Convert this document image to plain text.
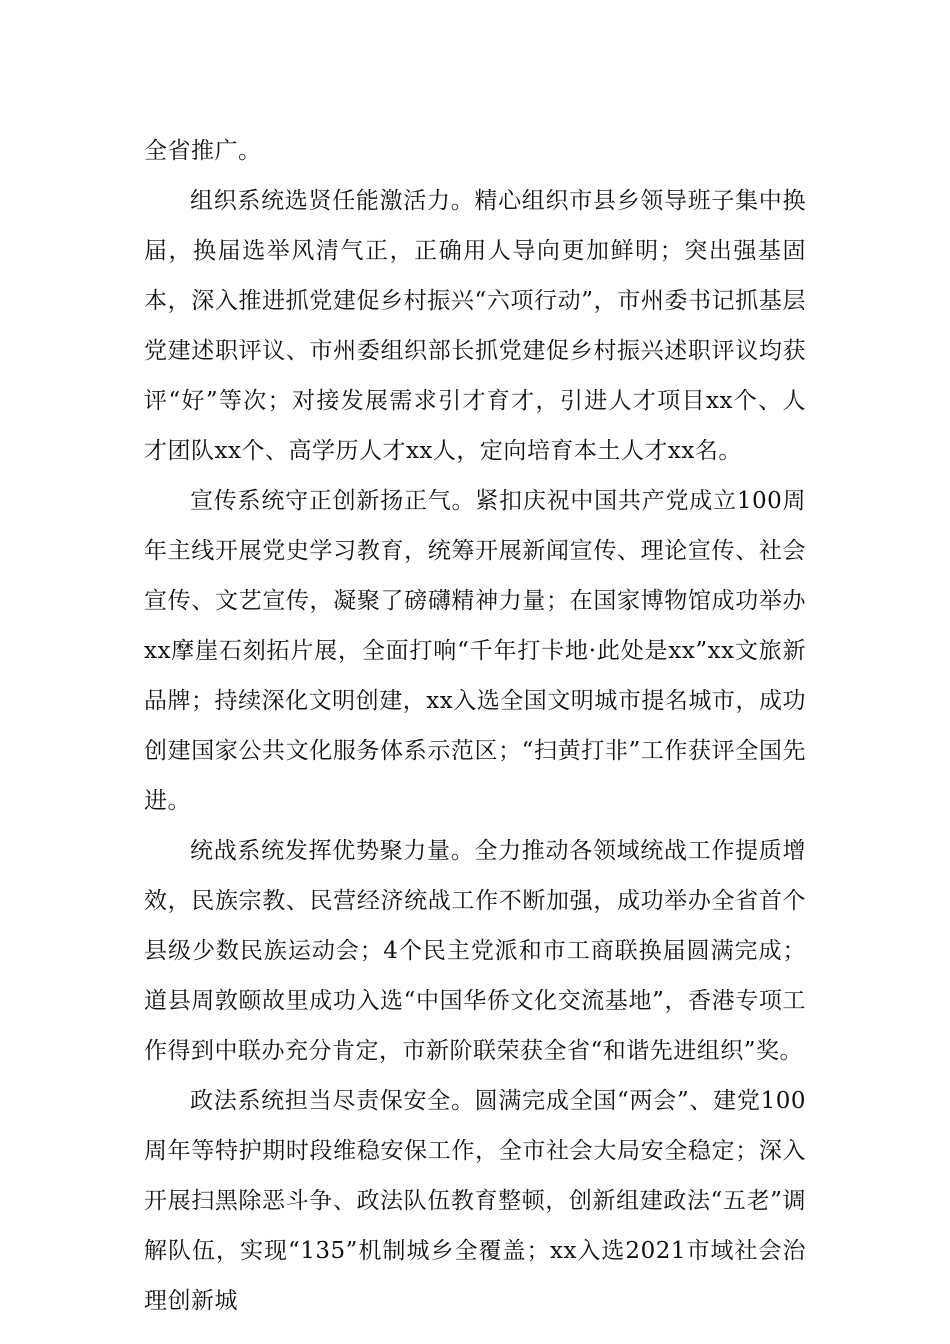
全省推广。

组织系统选贤任能激活力。精心组织市县乡领导班子集中换届，换届选举风清气正，正确用人导向更加鲜明；突出强基固本，深入推进抓党建促乡村振兴“六项行动”，市州委书记抓基层党建述职评议、市州委组织部长抓党建促乡村振兴述职评议均获评“好”等次；对接发展需求引才育才，引进人才项目xx个、人才团队xx个、高学历人才xx人，定向培育本土人才xx名。

宣传系统守正创新扬正气。紧扣庆祝中国共产党成立100周年主线开展党史学习教育，统筹开展新闻宣传、理论宣传、社会宣传、文艺宣传，凝聚了磅礴精神力量；在国家博物馆成功举办xx摩崖石刻拓片展，全面打响“千年打卡地·此处是xx”xx文旅新品牌；持续深化文明创建，xx入选全国文明城市提名城市，成功创建国家公共文化服务体系示范区；“扫黄打非”工作获评全国先进。

统战系统发挥优势聚力量。全力推动各领域统战工作提质增效，民族宗教、民营经济统战工作不断加强，成功举办全省首个县级少数民族运动会；4个民主党派和市工商联换届圆满完成；道县周敦颐故里成功入选“中国华侨文化交流基地”，香港专项工作得到中联办充分肯定，市新阶联荣获全省“和谐先进组织”奖。

政法系统担当尽责保安全。圆满完成全国“两会”、建党100周年等特护期时段维稳安保工作，全市社会大局安全稳定；深入开展扫黑除恶斗争、政法队伍教育整顿，创新组建政法“五老”调解队伍，实现“135”机制城乡全覆盖；xx入选2021市域社会治理创新城
